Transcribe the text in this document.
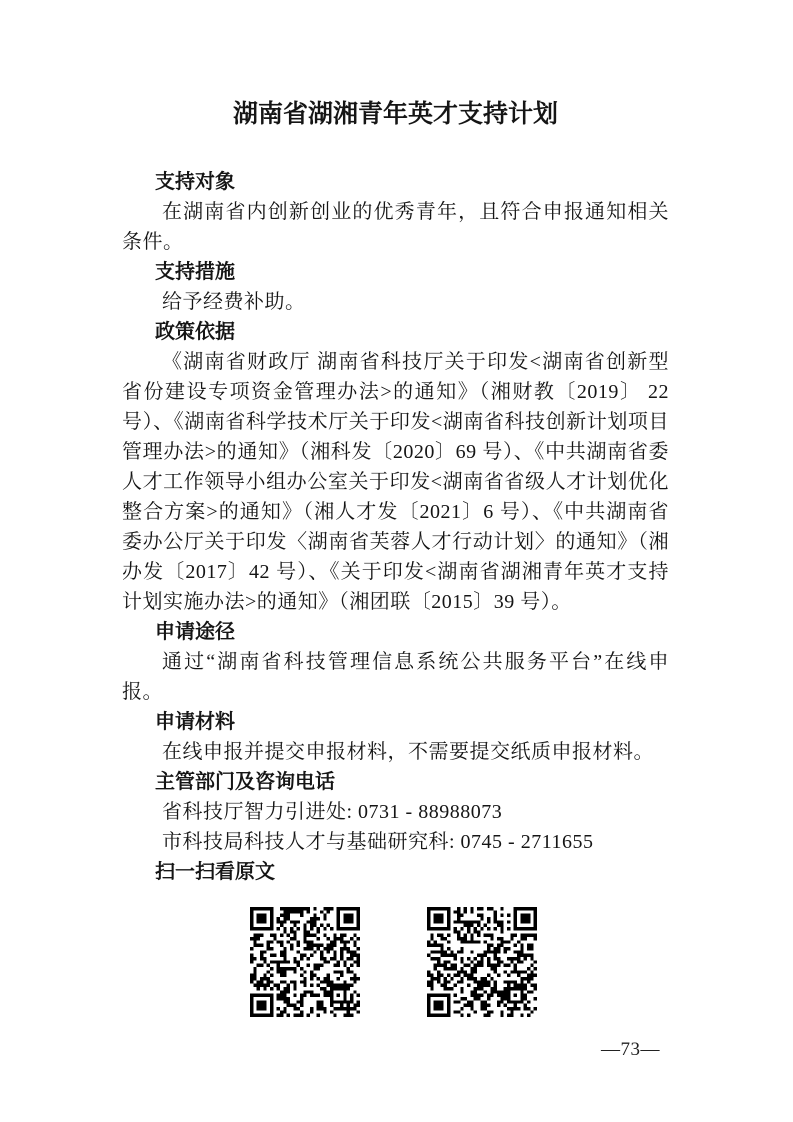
湖南省湖湘青年英才支持计划
支持对象

在湖南省内创新创业的优秀青年，且符合申报通知相关条件。

支持措施

给予经费补助。

政策依据

《湖南省财政厅 湖南省科技厅关于印发<湖南省创新型省份建设专项资金管理办法>的通知》（湘财教〔2019〕 22 号）、《湖南省科学技术厅关于印发<湖南省科技创新计划项目管理办法>的通知》（湘科发〔2020〕69 号）、《中共湖南省委人才工作领导小组办公室关于印发<湖南省省级人才计划优化整合方案>的通知》（湘人才发〔2021〕6 号）、《中共湖南省委办公厅关于印发〈湖南省芙蓉人才行动计划〉的通知》（湘办发〔2017〕42 号）、《关于印发<湖南省湖湘青年英才支持计划实施办法>的通知》（湘团联〔2015〕39 号）。

申请途径

通过“湖南省科技管理信息系统公共服务平台”在线申报。

申请材料

在线申报并提交申报材料，不需要提交纸质申报材料。

主管部门及咨询电话

省科技厅智力引进处: 0731 - 88988073

市科技局科技人才与基础研究科: 0745 - 2711655

扫一扫看原文
—73—
